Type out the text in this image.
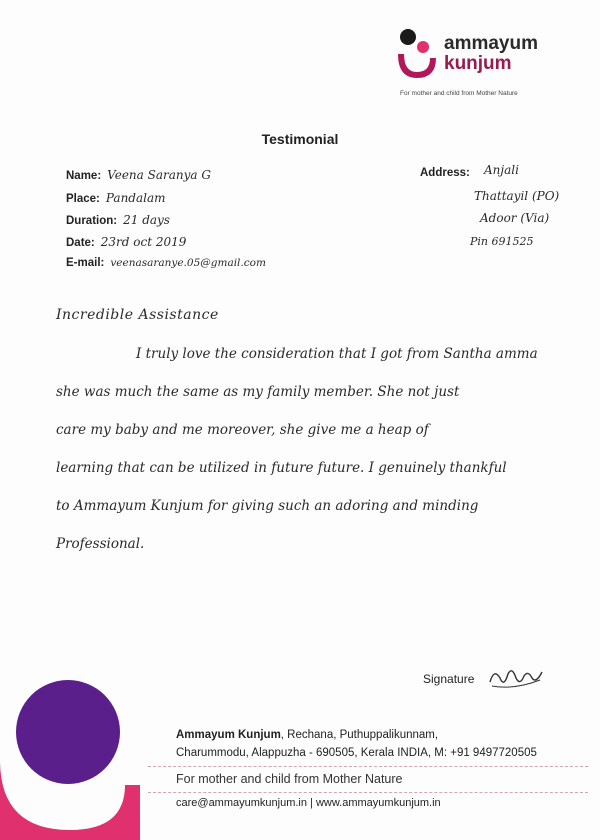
ammayum
kunjum
For mother and child from Mother Nature
Testimonial
Name: Veena Saranya G
Place: Pandalam
Duration: 21 days
Date: 23rd oct 2019
E-mail: veenasaranye.05@gmail.com
Address: Anjali
Thattayil (PO)
Adoor (Via)
Pin 691525
Incredible Assistance
I truly love the consideration that I got from Santha amma
she was much the same as my family member. She not just
care my baby and me moreover, she give me a heap of
learning that can be utilized in future future. I genuinely thankful
to Ammayum Kunjum for giving such an adoring and minding
Professional.
Signature
Ammayum Kunjum, Rechana, Puthuppalikunnam,
Charummodu, Alappuzha - 690505, Kerala INDIA, M: +91 9497720505
For mother and child from Mother Nature
care@ammayumkunjum.in | www.ammayumkunjum.in
